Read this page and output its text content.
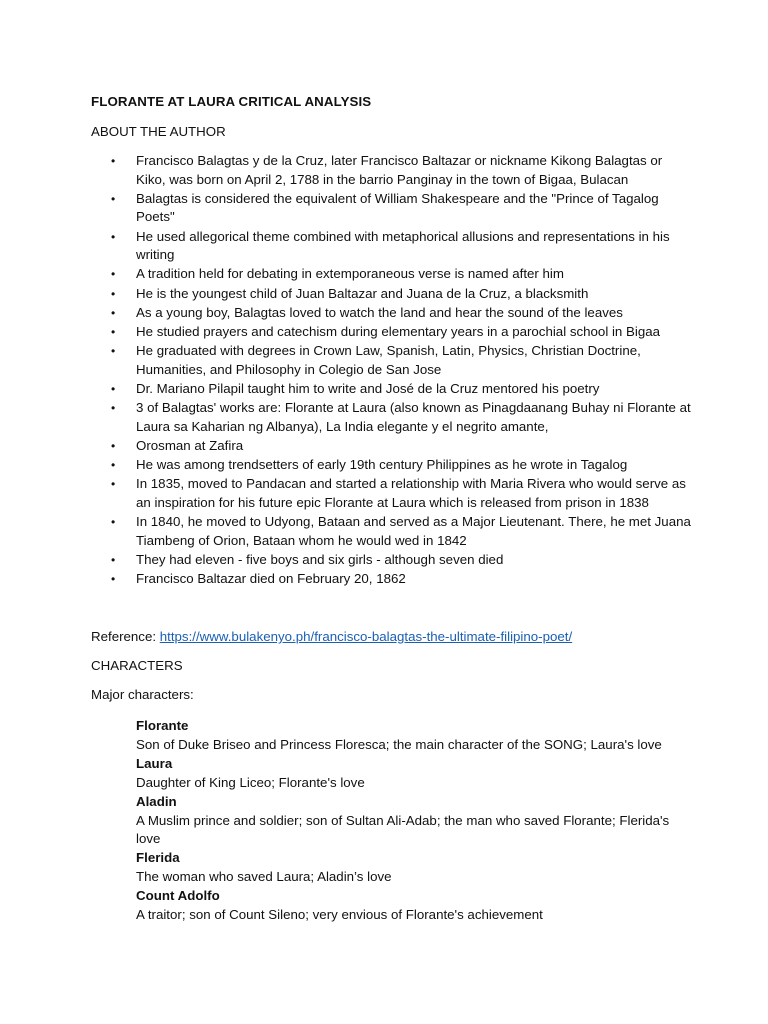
FLORANTE AT LAURA CRITICAL ANALYSIS
ABOUT THE AUTHOR
• Francisco Balagtas y de la Cruz, later Francisco Baltazar or nickname Kikong Balagtas or Kiko, was born on April 2, 1788 in the barrio Panginay in the town of Bigaa, Bulacan
• Balagtas is considered the equivalent of William Shakespeare and the "Prince of Tagalog Poets"
• He used allegorical theme combined with metaphorical allusions and representations in his writing
• A tradition held for debating in extemporaneous verse is named after him
• He is the youngest child of Juan Baltazar and Juana de la Cruz, a blacksmith
• As a young boy, Balagtas loved to watch the land and hear the sound of the leaves
• He studied prayers and catechism during elementary years in a parochial school in Bigaa
• He graduated with degrees in Crown Law, Spanish, Latin, Physics, Christian Doctrine, Humanities, and Philosophy in Colegio de San Jose
• Dr. Mariano Pilapil taught him to write and José de la Cruz mentored his poetry
• 3 of Balagtas' works are: Florante at Laura (also known as Pinagdaanang Buhay ni Florante at Laura sa Kaharian ng Albanya), La India elegante y el negrito amante,
• Orosman at Zafira
• He was among trendsetters of early 19th century Philippines as he wrote in Tagalog
• In 1835, moved to Pandacan and started a relationship with Maria Rivera who would serve as an inspiration for his future epic Florante at Laura which is released from prison in 1838
• In 1840, he moved to Udyong, Bataan and served as a Major Lieutenant. There, he met Juana Tiambeng of Orion, Bataan whom he would wed in 1842
• They had eleven - five boys and six girls - although seven died
• Francisco Baltazar died on February 20, 1862
Reference: https://www.bulakenyo.ph/francisco-balagtas-the-ultimate-filipino-poet/
CHARACTERS
Major characters:
Florante
Son of Duke Briseo and Princess Floresca; the main character of the SONG; Laura's love
Laura
Daughter of King Liceo; Florante's love
Aladin
A Muslim prince and soldier; son of Sultan Ali-Adab; the man who saved Florante; Flerida's love
Flerida
The woman who saved Laura; Aladin’s love
Count Adolfo
A traitor; son of Count Sileno; very envious of Florante's achievement
